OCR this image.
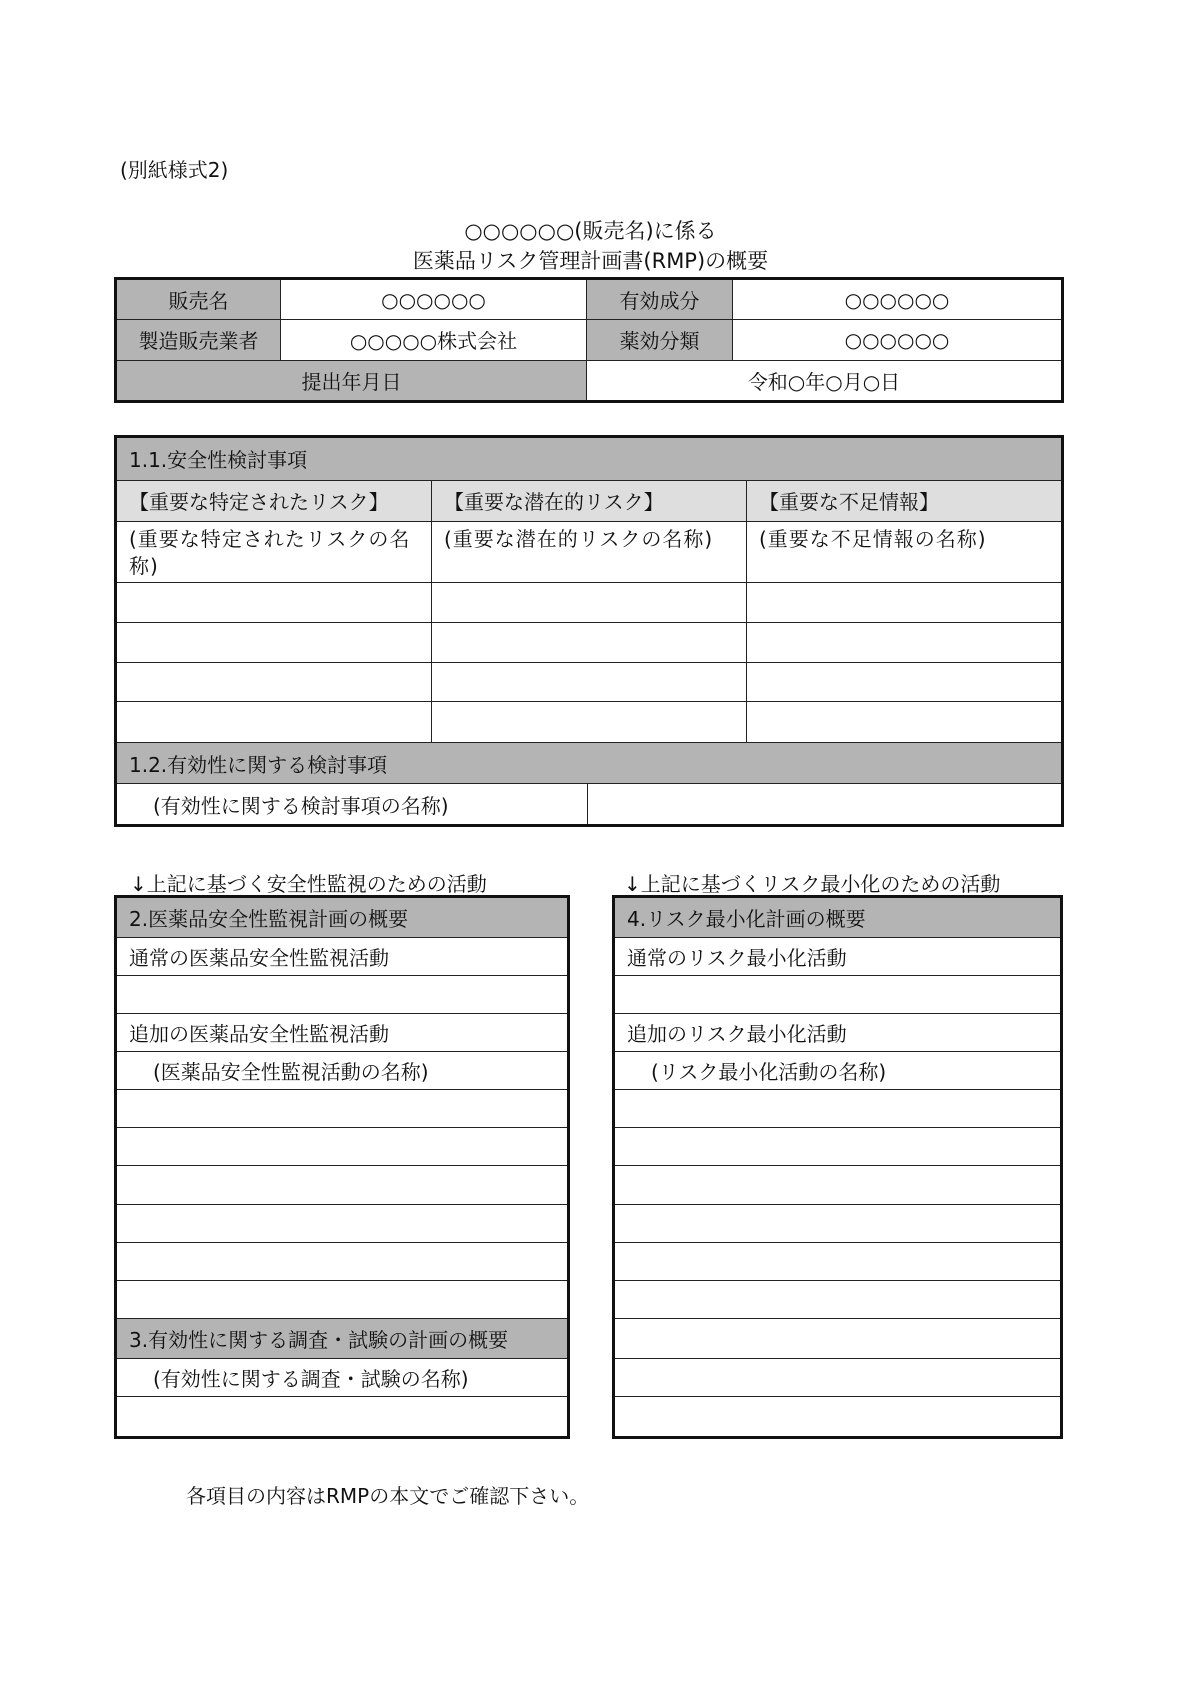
(別紙様式2)
○○○○○○(販売名)に係る
医薬品リスク管理計画書(RMP)の概要
販売名	○○○○○○	有効成分	○○○○○○
製造販売業者	○○○○○株式会社	薬効分類	○○○○○○
提出年月日		令和○年○月○日	
1.1.安全性検討事項			
【重要な特定されたリスク】	【重要な潜在的リスク】		【重要な不足情報】
(重要な特定されたリスクの名称)	(重要な潜在的リスクの名称)		(重要な不足情報の名称)

1.2.有効性に関する検討事項			
(有効性に関する検討事項の名称)			
↓上記に基づく安全性監視のための活動	↓上記に基づくリスク最小化のための活動
2.医薬品安全性監視計画の概要
通常の医薬品安全性監視活動

追加の医薬品安全性監視活動
(医薬品安全性監視活動の名称)

3.有効性に関する調査・試験の計画の概要
(有効性に関する調査・試験の名称)

4.リスク最小化計画の概要
通常のリスク最小化活動

追加のリスク最小化活動
(リスク最小化活動の名称)

各項目の内容はRMPの本文でご確認下さい。
